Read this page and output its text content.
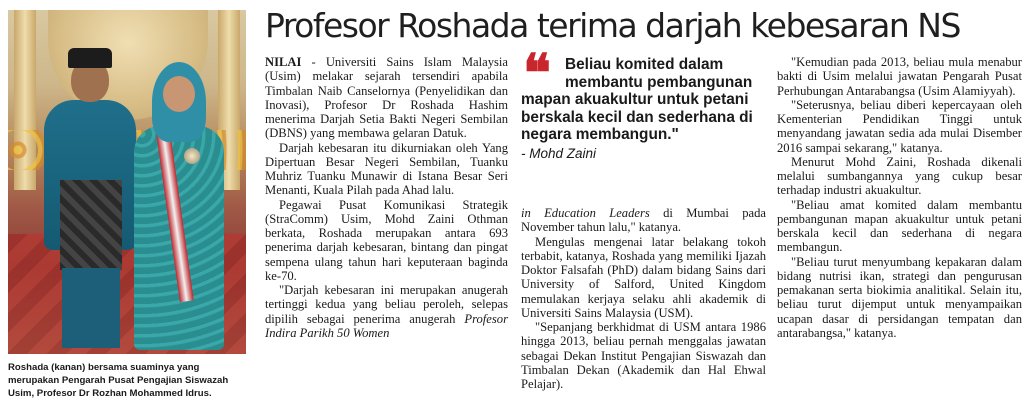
Roshada (kanan) bersama suaminya yang merupakan Pengarah Pusat Pengajian Siswazah Usim, Profesor Dr Rozhan Mohammed Idrus.
Profesor Roshada terima darjah kebesaran NS

NILAI - Universiti Sains Islam Malaysia (Usim) melakar sejarah tersendiri apabila Timbalan Naib Canselornya (Penyelidikan dan Inovasi), Profesor Dr Roshada Hashim menerima Darjah Setia Bakti Negeri Sembilan (DBNS) yang membawa gelaran Datuk.

Darjah kebesaran itu dikurniakan oleh Yang Dipertuan Besar Negeri Sembilan, Tuanku Muhriz Tuanku Munawir di Istana Besar Seri Menanti, Kuala Pilah pada Ahad lalu.

Pegawai Pusat Komunikasi Strategik (StraComm) Usim, Mohd Zaini Othman berkata, Roshada merupakan antara 693 penerima darjah kebesaran, bintang dan pingat sempena ulang tahun hari keputeraan baginda ke-70.

"Darjah kebesaran ini merupakan anugerah tertinggi kedua yang beliau peroleh, selepas dipilih sebagai penerima anugerah Profesor Indira Parikh 50 Women

❝ Beliau komited dalam
membantu pembangunan
mapan akuakultur untuk petani berskala kecil dan sederhana di negara membangun."
- Mohd Zaini

in Education Leaders di Mumbai pada November tahun lalu," katanya.

Mengulas mengenai latar belakang tokoh terbabit, katanya, Roshada yang memiliki Ijazah Doktor Falsafah (PhD) dalam bidang Sains dari University of Salford, United Kingdom memulakan kerjaya selaku ahli akademik di Universiti Sains Malaysia (USM).

"Sepanjang berkhidmat di USM antara 1986 hingga 2013, beliau pernah menggalas jawatan sebagai Dekan Institut Pengajian Siswazah dan Timbalan Dekan (Akademik dan Hal Ehwal Pelajar).

"Kemudian pada 2013, beliau mula menabur bakti di Usim melalui jawatan Pengarah Pusat Perhubungan Antarabangsa (Usim Alamiyyah).

"Seterusnya, beliau diberi kepercayaan oleh Kementerian Pendidikan Tinggi untuk menyandang jawatan sedia ada mulai Disember 2016 sampai sekarang," katanya.

Menurut Mohd Zaini, Roshada dikenali melalui sumbangannya yang cukup besar terhadap industri akuakultur.

"Beliau amat komited dalam membantu pembangunan mapan akuakultur untuk petani berskala kecil dan sederhana di negara membangun.

"Beliau turut menyumbang kepakaran dalam bidang nutrisi ikan, strategi dan pengurusan pemakanan serta biokimia analitikal. Selain itu, beliau turut dijemput untuk menyampaikan ucapan dasar di persidangan tempatan dan antarabangsa," katanya.
